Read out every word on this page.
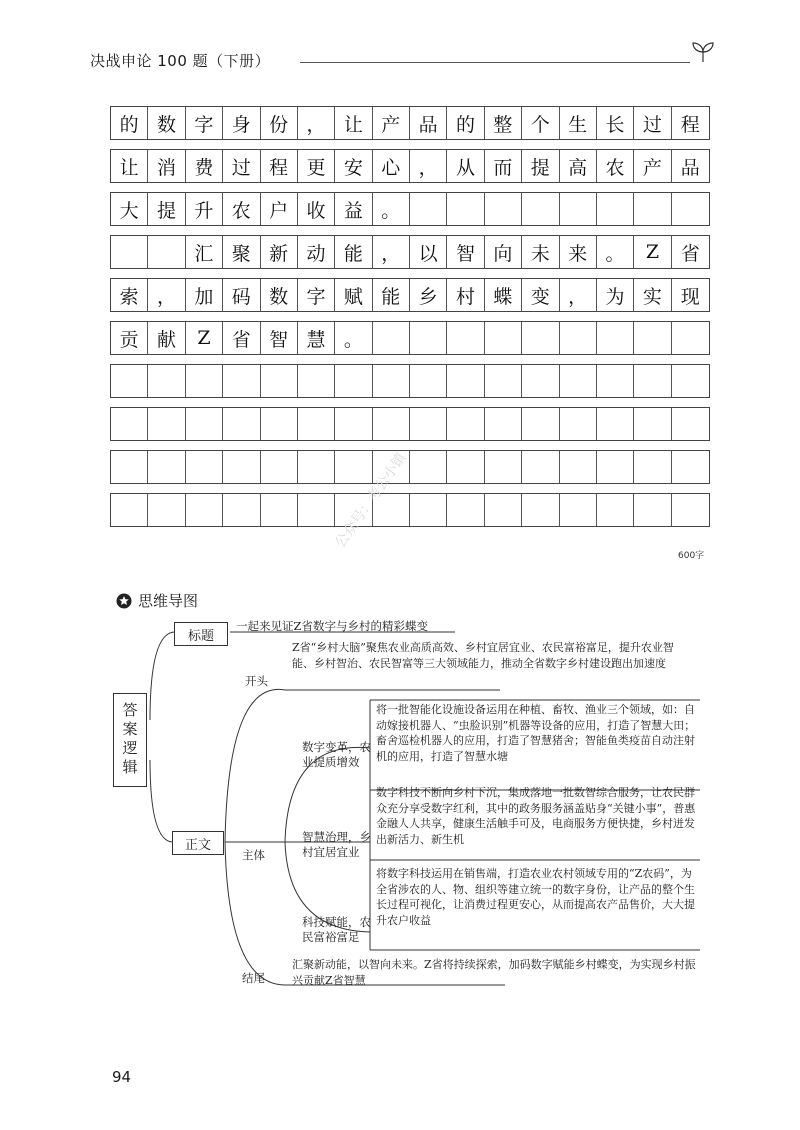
决战申论 100 题（下册）
的 数 字 身 份 ， 让 产 品 的 整 个 生 长 过 程
让 消 费 过 程 更 安 心 ， 从 而 提 高 农 产 品
大 提 升 农 户 收 益 。
汇 聚 新 动 能 ， 以 智 向 未 来 。	Z	省
索 ， 加 码 数 字 赋 能 乡 村 蝶 变 ， 为 实 现
贡 献	Z	省 智 慧 。
600字
公众号：考公小镇
思维导图
答案逻辑
标题
一起来见证Z省数字与乡村的精彩蝶变
正文
开头
Z省“乡村大脑”聚焦农业高质高效、乡村宜居宜业、农民富裕富足，提升农业智能、乡村智治、农民智富等三大领域能力，推动全省数字乡村建设跑出加速度
主体
数字变革，农业提质增效
将一批智能化设施设备运用在种植、畜牧、渔业三个领域，如：自动嫁接机器人、“虫脸识别”机器等设备的应用，打造了智慧大田；畜舍巡检机器人的应用，打造了智慧猪舍；智能鱼类疫苗自动注射机的应用，打造了智慧水塘
智慧治理，乡村宜居宜业
数字科技不断向乡村下沉，集成落地一批数智综合服务，让农民群众充分享受数字红利，其中的政务服务涵盖贴身“关键小事”，普惠金融人人共享，健康生活触手可及，电商服务方便快捷，乡村迸发出新活力、新生机
科技赋能，农民富裕富足
将数字科技运用在销售端，打造农业农村领域专用的“Z农码”，为全省涉农的人、物、组织等建立统一的数字身份，让产品的整个生长过程可视化，让消费过程更安心，从而提高农产品售价，大大提升农户收益
结尾
汇聚新动能，以智向未来。Z省将持续探索，加码数字赋能乡村蝶变，为实现乡村振兴贡献Z省智慧
94
